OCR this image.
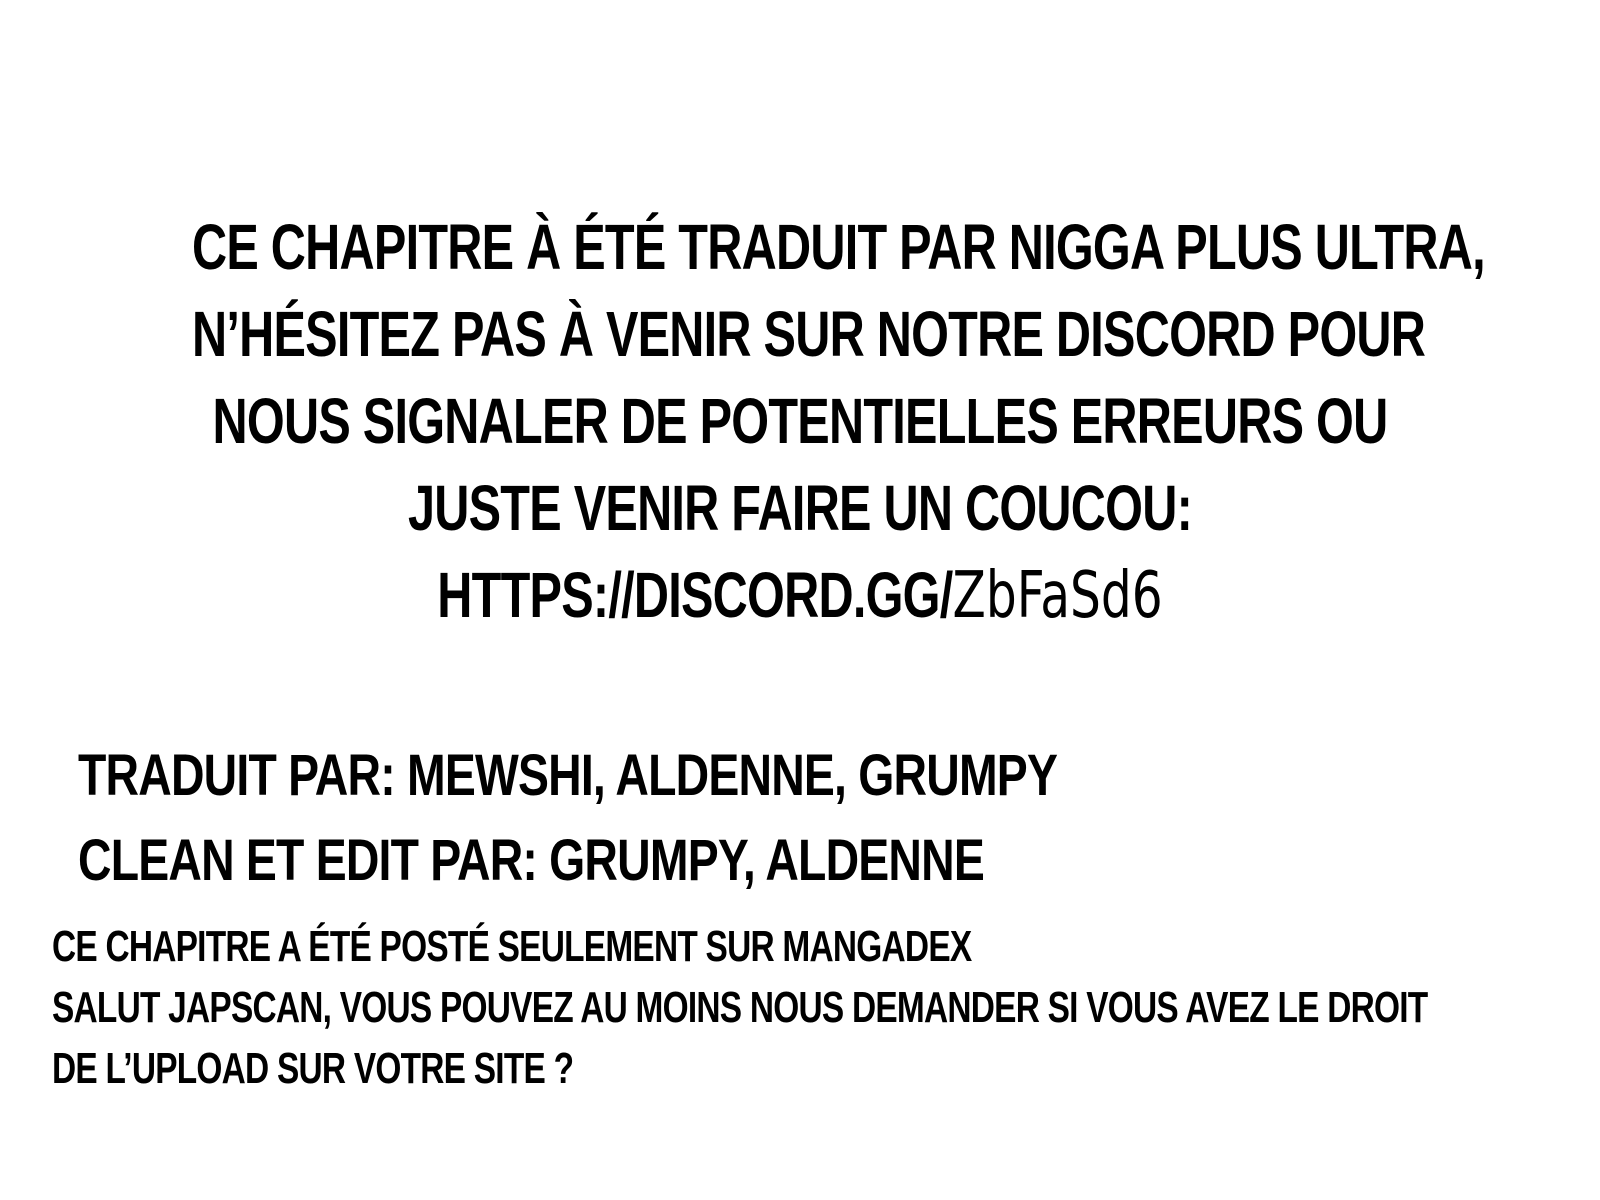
CE CHAPITRE À ÉTÉ TRADUIT PAR NIGGA PLUS ULTRA,
N’HÉSITEZ PAS À VENIR SUR NOTRE DISCORD POUR
NOUS SIGNALER DE POTENTIELLES ERREURS OU
JUSTE VENIR FAIRE UN COUCOU:
HTTPS://DISCORD.GG/ZbFaSd6
TRADUIT PAR: MEWSHI, ALDENNE, GRUMPY
CLEAN ET EDIT PAR: GRUMPY, ALDENNE
CE CHAPITRE A ÉTÉ POSTÉ SEULEMENT SUR MANGADEX
SALUT JAPSCAN, VOUS POUVEZ AU MOINS NOUS DEMANDER SI VOUS AVEZ LE DROIT
DE L’UPLOAD SUR VOTRE SITE ?
